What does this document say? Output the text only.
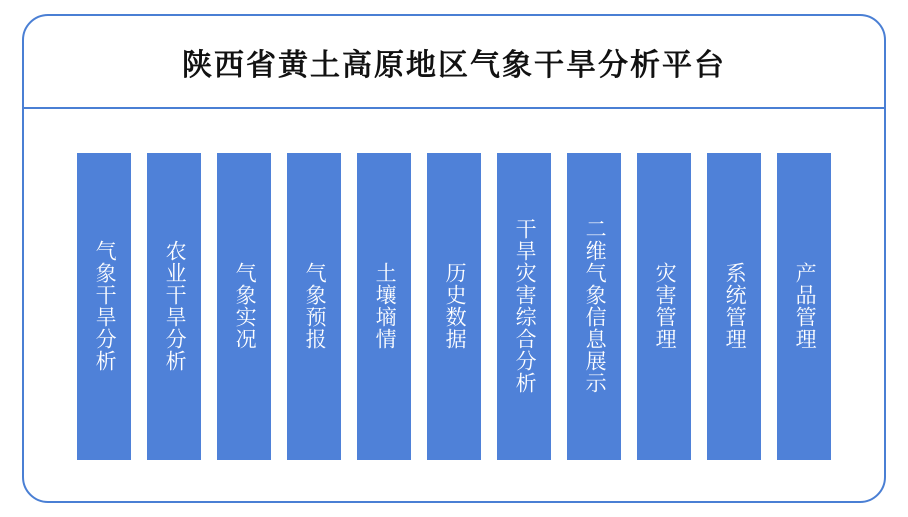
陕西省黄土高原地区气象干旱分析平台
气象干旱分析 农业干旱分析 气象实况 气象预报 土壤墒情 历史数据 干旱灾害综合分析 二维气象信息展示 灾害管理 系统管理 产品管理
